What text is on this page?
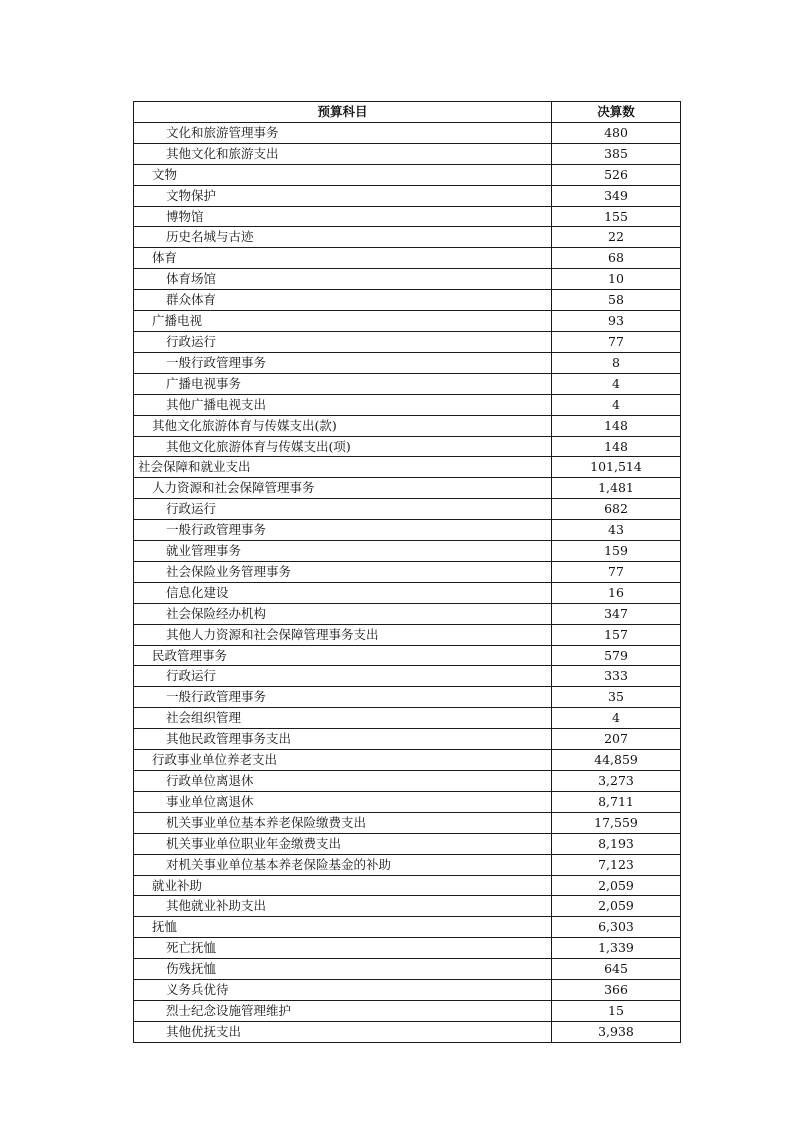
预算科目	决算数
文化和旅游管理事务	480
其他文化和旅游支出	385
文物	526
文物保护	349
博物馆	155
历史名城与古迹	22
体育	68
体育场馆	10
群众体育	58
广播电视	93
行政运行	77
一般行政管理事务	8
广播电视事务	4
其他广播电视支出	4
其他文化旅游体育与传媒支出(款)	148
其他文化旅游体育与传媒支出(项)	148
社会保障和就业支出	101,514
人力资源和社会保障管理事务	1,481
行政运行	682
一般行政管理事务	43
就业管理事务	159
社会保险业务管理事务	77
信息化建设	16
社会保险经办机构	347
其他人力资源和社会保障管理事务支出	157
民政管理事务	579
行政运行	333
一般行政管理事务	35
社会组织管理	4
其他民政管理事务支出	207
行政事业单位养老支出	44,859
行政单位离退休	3,273
事业单位离退休	8,711
机关事业单位基本养老保险缴费支出	17,559
机关事业单位职业年金缴费支出	8,193
对机关事业单位基本养老保险基金的补助	7,123
就业补助	2,059
其他就业补助支出	2,059
抚恤	6,303
死亡抚恤	1,339
伤残抚恤	645
义务兵优待	366
烈士纪念设施管理维护	15
其他优抚支出	3,938
